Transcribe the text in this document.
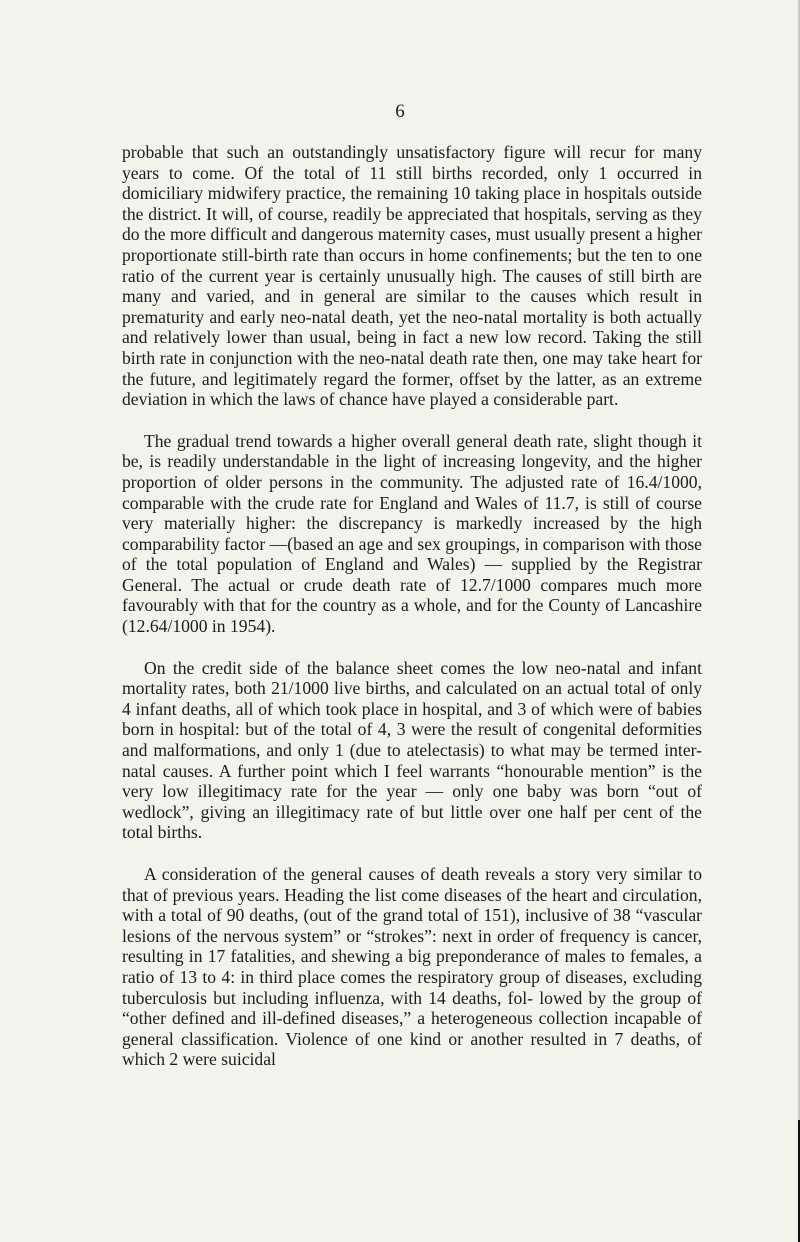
6

probable that such an outstandingly unsatisfactory figure will recur for many years to come. Of the total of 11 still births recorded, only 1 occurred in domiciliary midwifery practice, the remaining 10 taking place in hospitals outside the district. It will, of course, readily be appreciated that hospitals, serving as they do the more difficult and dangerous maternity cases, must usually present a higher proportionate still-birth rate than occurs in home confinements; but the ten to one ratio of the current year is certainly unusually high. The causes of still birth are many and varied, and in general are similar to the causes which result in prematurity and early neo-natal death, yet the neo-natal mortality is both actually and relatively lower than usual, being in fact a new low record. Taking the still birth rate in conjunction with the neo-natal death rate then, one may take heart for the future, and legitimately regard the former, offset by the latter, as an extreme deviation in which the laws of chance have played a considerable part.

The gradual trend towards a higher overall general death rate, slight though it be, is readily understandable in the light of increasing longevity, and the higher proportion of older persons in the community. The adjusted rate of 16.4/1000, comparable with the crude rate for England and Wales of 11.7, is still of course very materially higher: the discrepancy is markedly increased by the high comparability factor —(based an age and sex groupings, in comparison with those of the total population of England and Wales) — supplied by the Registrar General. The actual or crude death rate of 12.7/1000 compares much more favourably with that for the country as a whole, and for the County of Lancashire (12.64/1000 in 1954).

On the credit side of the balance sheet comes the low neo-natal and infant mortality rates, both 21/1000 live births, and calculated on an actual total of only 4 infant deaths, all of which took place in hospital, and 3 of which were of babies born in hospital: but of the total of 4, 3 were the result of congenital deformities and malformations, and only 1 (due to atelectasis) to what may be termed inter-natal causes. A further point which I feel warrants “honourable mention” is the very low illegitimacy rate for the year — only one baby was born “out of wedlock”, giving an illegitimacy rate of but little over one half per cent of the total births.

A consideration of the general causes of death reveals a story very similar to that of previous years. Heading the list come diseases of the heart and circulation, with a total of 90 deaths, (out of the grand total of 151), inclusive of 38 “vascular lesions of the nervous system” or “strokes”: next in order of frequency is cancer, resulting in 17 fatalities, and shewing a big preponderance of males to females, a ratio of 13 to 4: in third place comes the respiratory group of diseases, excluding tuberculosis but including influenza, with 14 deaths, fol- lowed by the group of “other defined and ill-defined diseases,” a heterogeneous collection incapable of general classification. Violence of one kind or another resulted in 7 deaths, of which 2 were suicidal
